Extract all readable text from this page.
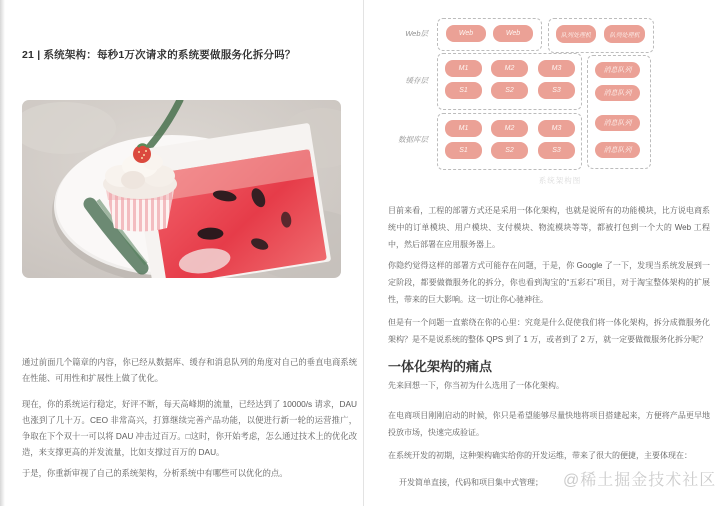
21 | 系统架构：每秒1万次请求的系统要做服务化拆分吗？
通过前面几个篇章的内容，你已经从数据库、缓存和消息队列的角度对自己的垂直电商系统在性能、可用性和扩展性上做了优化。
现在，你的系统运行稳定，好评不断，每天高峰期的流量，已经达到了 10000/s 请求，DAU 也涨到了几十万。CEO 非常高兴，打算继续完善产品功能，以便进行新一轮的运营推广，争取在下个双十一可以将 DAU 冲击过百万。□这时，你开始考虑，怎么通过技术上的优化改造，来支撑更高的并发流量，比如支撑过百万的 DAU。
于是，你重新审视了自己的系统架构，分析系统中有哪些可以优化的点。
Web层
缓存层
数据库层
Web	Web	队列处理机	队列处理机
M1	M2	M3
S1	S2	S3
M1	M2	M3
S1	S2	S3
消息队列
消息队列
消息队列
消息队列
系统架构图
目前来看，工程的部署方式还是采用一体化架构，也就是说所有的功能模块，比方说电商系统中的订单模块、用户模块、支付模块、物流模块等等，都被打包到一个大的 Web 工程中，然后部署在应用服务器上。
你隐约觉得这样的部署方式可能存在问题，于是，你 Google 了一下，发现当系统发展到一定阶段，都要做微服务化的拆分，你也看到淘宝的“五彩石”项目，对于淘宝整体架构的扩展性，带来的巨大影响。这一切让你心驰神往。
但是有一个问题一直萦绕在你的心里：究竟是什么促使我们将一体化架构，拆分成微服务化架构？是不是说系统的整体 QPS 到了 1 万，或者到了 2 万，就一定要做微服务化拆分呢？
一体化架构的痛点
先来回想一下，你当初为什么选用了一体化架构。
在电商项目刚刚启动的时候，你只是希望能够尽量快地将项目搭建起来，方便将产品更早地投放市场，快速完成验证。
在系统开发的初期，这种架构确实给你的开发运维，带来了很大的便捷，主要体现在：
开发简单直接，代码和项目集中式管理；	@稀土掘金技术社区
